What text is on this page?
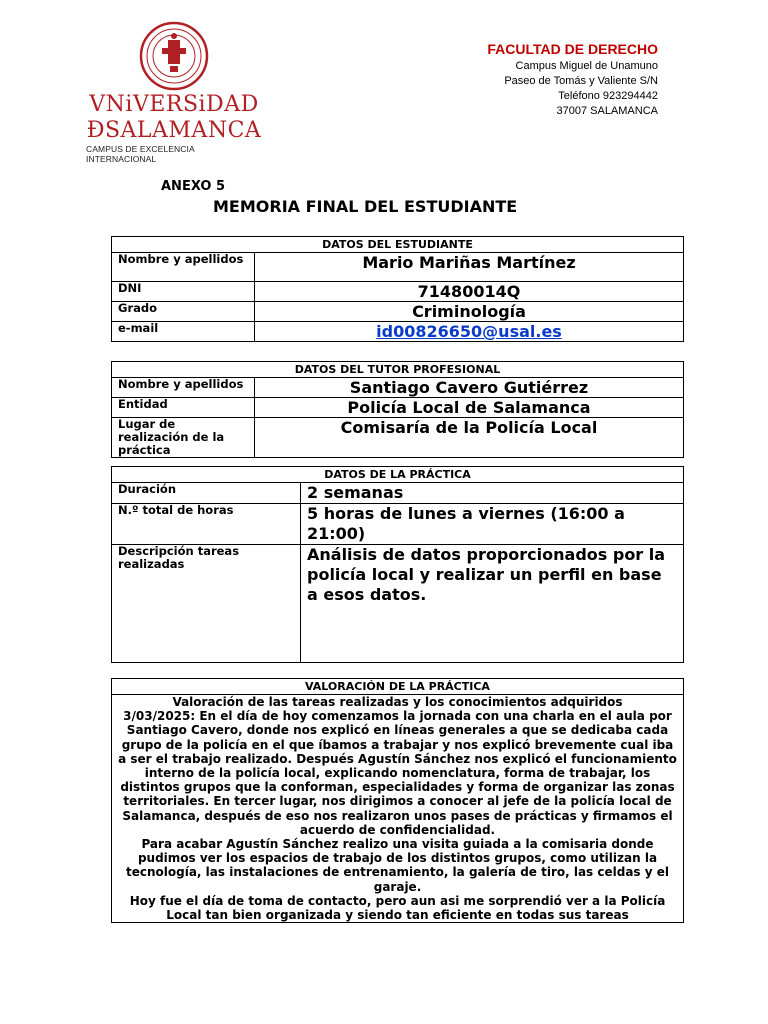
VNiVERSiDAD
ÐSALAMANCA
CAMPUS DE EXCELENCIA INTERNACIONAL
FACULTAD DE DERECHO
Campus Miguel de Unamuno
Paseo de Tomás y Valiente S/N
Teléfono 923294442
37007 SALAMANCA
ANEXO 5
MEMORIA FINAL DEL ESTUDIANTE
DATOS DEL ESTUDIANTE	
Nombre y apellidos	Mario Mariñas Martínez
DNI	71480014Q
Grado	Criminología
e-mail	id00826650@usal.es
DATOS DEL TUTOR PROFESIONAL	
Nombre y apellidos	Santiago Cavero Gutiérrez
Entidad	Policía Local de Salamanca
Lugar de realización de la práctica	Comisaría de la Policía Local
DATOS DE LA PRÁCTICA	
Duración	2 semanas
N.º total de horas	5 horas de lunes a viernes (16:00 a 21:00)
Descripción tareas realizadas	Análisis de datos proporcionados por la policía local y realizar un perfil en base a esos datos.
VALORACIÓN DE LA PRÁCTICA

Valoración de las tareas realizadas y los conocimientos adquiridos
3/03/2025: En el día de hoy comenzamos la jornada con una charla en el aula por Santiago Cavero, donde nos explicó en líneas generales a que se dedicaba cada grupo de la policía en el que íbamos a trabajar y nos explicó brevemente cual iba a ser el trabajo realizado. Después Agustín Sánchez nos explicó el funcionamiento interno de la policía local, explicando nomenclatura, forma de trabajar, los distintos grupos que la conforman, especialidades y forma de organizar las zonas territoriales. En tercer lugar, nos dirigimos a conocer al jefe de la policía local de Salamanca, después de eso nos realizaron unos pases de prácticas y firmamos el acuerdo de confidencialidad.
Para acabar Agustín Sánchez realizo una visita guiada a la comisaria donde pudimos ver los espacios de trabajo de los distintos grupos, como utilizan la tecnología, las instalaciones de entrenamiento, la galería de tiro, las celdas y el garaje.
Hoy fue el día de toma de contacto, pero aun asi me sorprendió ver a la Policía Local tan bien organizada y siendo tan eficiente en todas sus tareas
